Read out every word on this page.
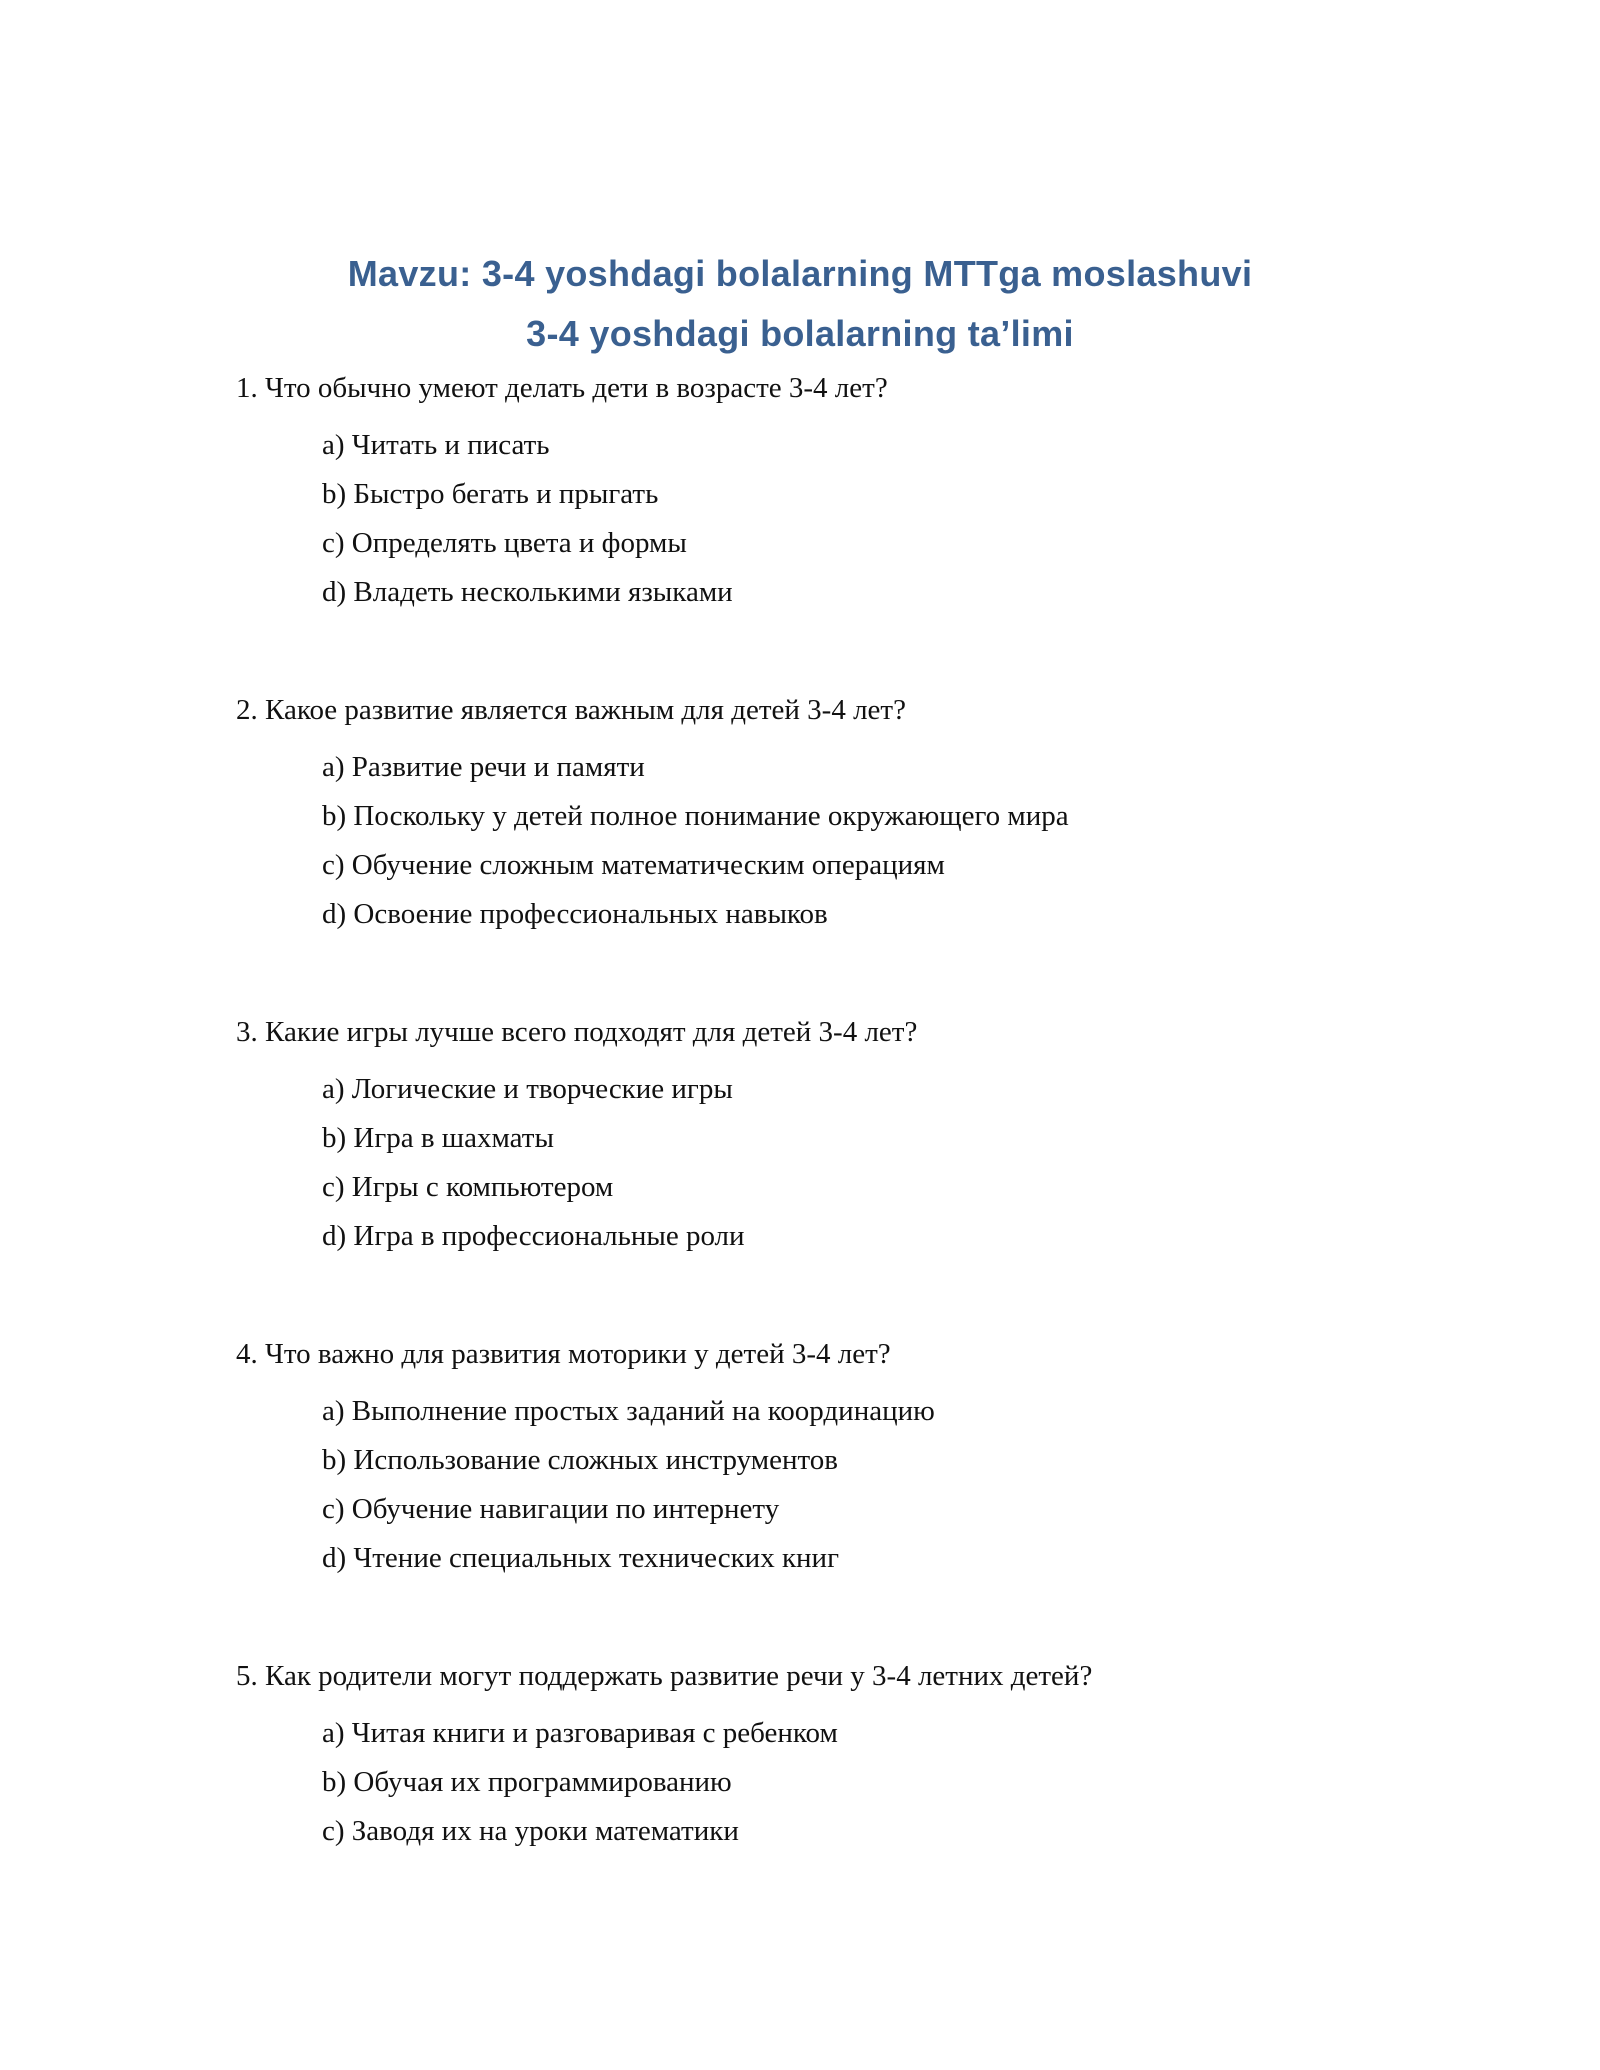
Mavzu: 3-4 yoshdagi bolalarning MTTga moslashuvi
3-4 yoshdagi bolalarning ta’limi
1. Что обычно умеют делать дети в возрасте 3-4 лет?
a) Читать и писать
b) Быстро бегать и прыгать
c) Определять цвета и формы
d) Владеть несколькими языками
2. Какое развитие является важным для детей 3-4 лет?
a) Развитие речи и памяти
b) Поскольку у детей полное понимание окружающего мира
c) Обучение сложным математическим операциям
d) Освоение профессиональных навыков
3. Какие игры лучше всего подходят для детей 3-4 лет?
a) Логические и творческие игры
b) Игра в шахматы
c) Игры с компьютером
d) Игра в профессиональные роли
4. Что важно для развития моторики у детей 3-4 лет?
a) Выполнение простых заданий на координацию
b) Использование сложных инструментов
c) Обучение навигации по интернету
d) Чтение специальных технических книг
5. Как родители могут поддержать развитие речи у 3-4 летних детей?
a) Читая книги и разговаривая с ребенком
b) Обучая их программированию
c) Заводя их на уроки математики
